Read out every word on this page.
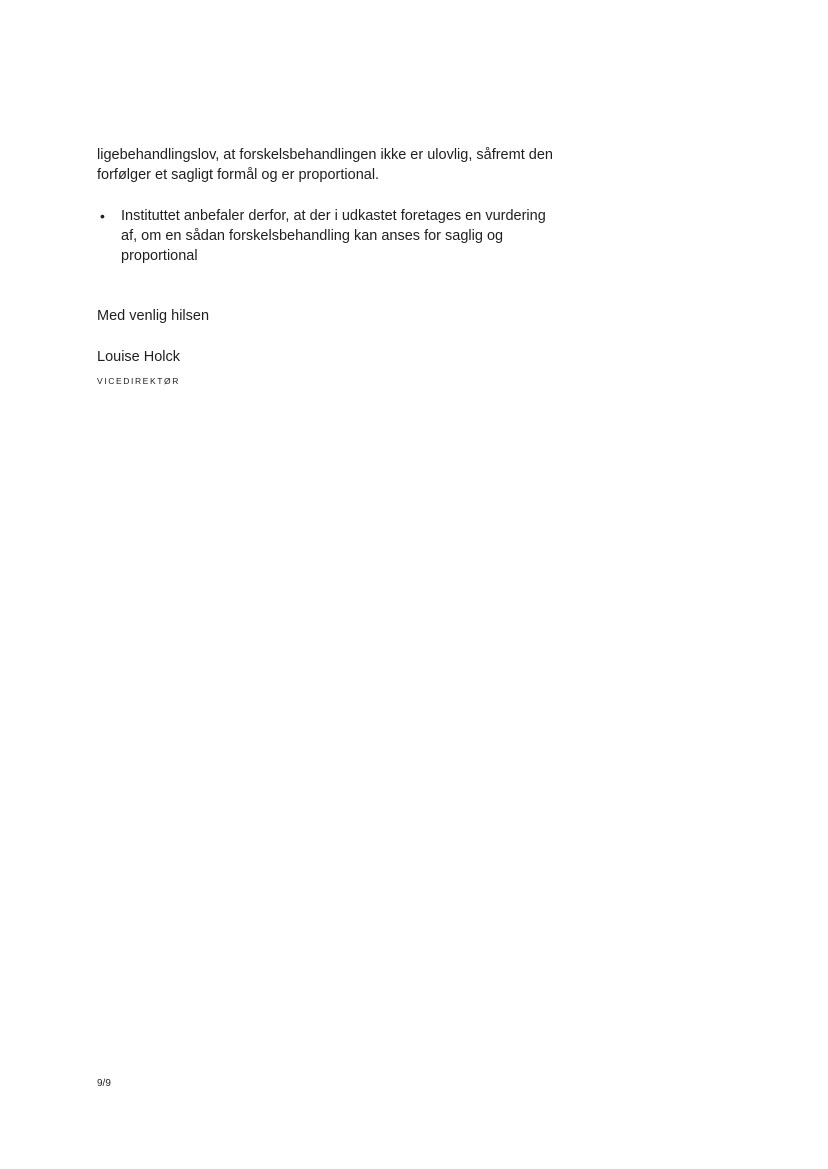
ligebehandlingslov, at forskelsbehandlingen ikke er ulovlig, såfremt den
forfølger et sagligt formål og er proportional.
• Instituttet anbefaler derfor, at der i udkastet foretages en vurdering
af, om en sådan forskelsbehandling kan anses for saglig og
proportional
Med venlig hilsen
Louise Holck
VICEDIREKTØR
9/9
